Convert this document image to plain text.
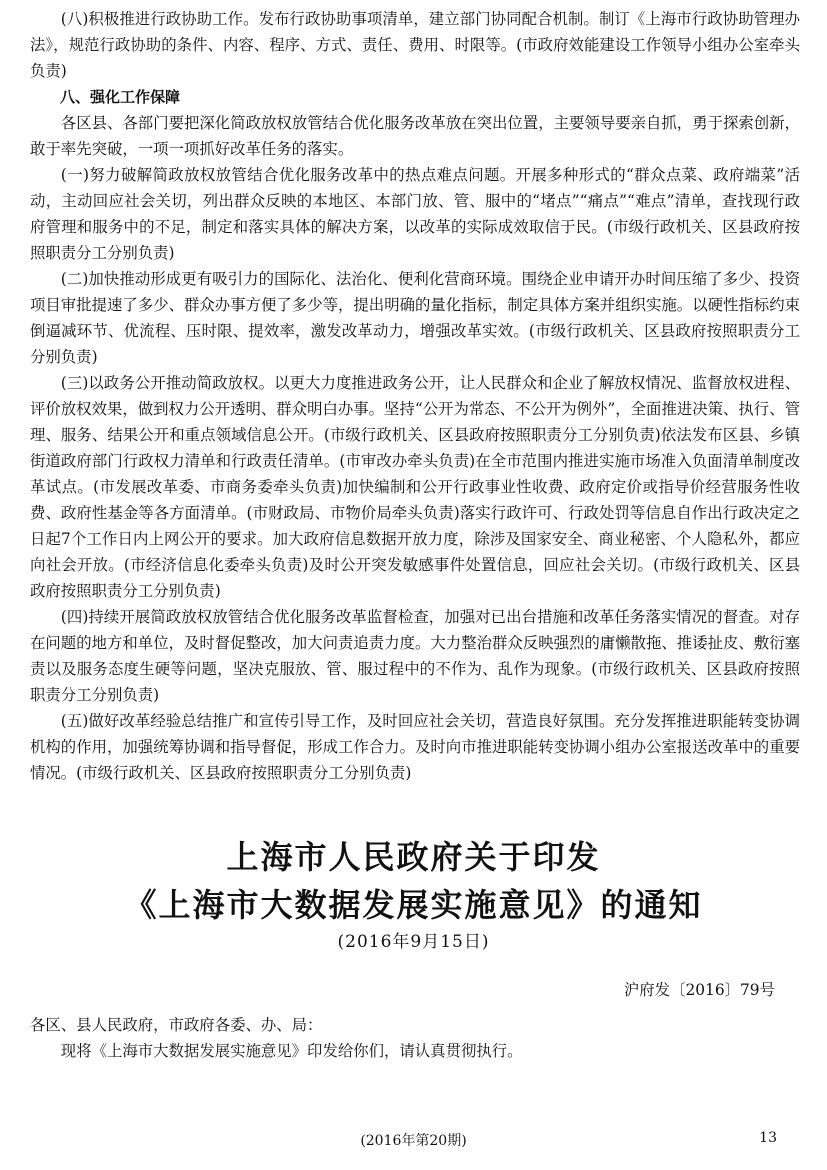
(八)积极推进行政协助工作。发布行政协助事项清单，建立部门协同配合机制。制订《上海市行政协助管理办法》，规范行政协助的条件、内容、程序、方式、责任、费用、时限等。(市政府效能建设工作领导小组办公室牵头负责)

八、强化工作保障

各区县、各部门要把深化简政放权放管结合优化服务改革放在突出位置，主要领导要亲自抓，勇于探索创新，敢于率先突破，一项一项抓好改革任务的落实。

(一)努力破解简政放权放管结合优化服务改革中的热点难点问题。开展多种形式的“群众点菜、政府端菜”活动，主动回应社会关切，列出群众反映的本地区、本部门放、管、服中的“堵点”“痛点”“难点”清单，查找现行政府管理和服务中的不足，制定和落实具体的解决方案，以改革的实际成效取信于民。(市级行政机关、区县政府按照职责分工分别负责)

(二)加快推动形成更有吸引力的国际化、法治化、便利化营商环境。围绕企业申请开办时间压缩了多少、投资项目审批提速了多少、群众办事方便了多少等，提出明确的量化指标，制定具体方案并组织实施。以硬性指标约束倒逼减环节、优流程、压时限、提效率，激发改革动力，增强改革实效。(市级行政机关、区县政府按照职责分工分别负责)

(三)以政务公开推动简政放权。以更大力度推进政务公开，让人民群众和企业了解放权情况、监督放权进程、评价放权效果，做到权力公开透明、群众明白办事。坚持“公开为常态、不公开为例外”，全面推进决策、执行、管理、服务、结果公开和重点领域信息公开。(市级行政机关、区县政府按照职责分工分别负责)依法发布区县、乡镇街道政府部门行政权力清单和行政责任清单。(市审改办牵头负责)在全市范围内推进实施市场准入负面清单制度改革试点。(市发展改革委、市商务委牵头负责)加快编制和公开行政事业性收费、政府定价或指导价经营服务性收费、政府性基金等各方面清单。(市财政局、市物价局牵头负责)落实行政许可、行政处罚等信息自作出行政决定之日起7个工作日内上网公开的要求。加大政府信息数据开放力度，除涉及国家安全、商业秘密、个人隐私外，都应向社会开放。(市经济信息化委牵头负责)及时公开突发敏感事件处置信息，回应社会关切。(市级行政机关、区县政府按照职责分工分别负责)

(四)持续开展简政放权放管结合优化服务改革监督检查，加强对已出台措施和改革任务落实情况的督查。对存在问题的地方和单位，及时督促整改，加大问责追责力度。大力整治群众反映强烈的庸懒散拖、推诿扯皮、敷衍塞责以及服务态度生硬等问题，坚决克服放、管、服过程中的不作为、乱作为现象。(市级行政机关、区县政府按照职责分工分别负责)

(五)做好改革经验总结推广和宣传引导工作，及时回应社会关切，营造良好氛围。充分发挥推进职能转变协调机构的作用，加强统筹协调和指导督促，形成工作合力。及时向市推进职能转变协调小组办公室报送改革中的重要情况。(市级行政机关、区县政府按照职责分工分别负责)

上海市人民政府关于印发
《上海市大数据发展实施意见》的通知
(2016年9月15日)
沪府发〔2016〕79号
各区、县人民政府，市政府各委、办、局：

现将《上海市大数据发展实施意见》印发给你们，请认真贯彻执行。

(2016年第20期)	13
